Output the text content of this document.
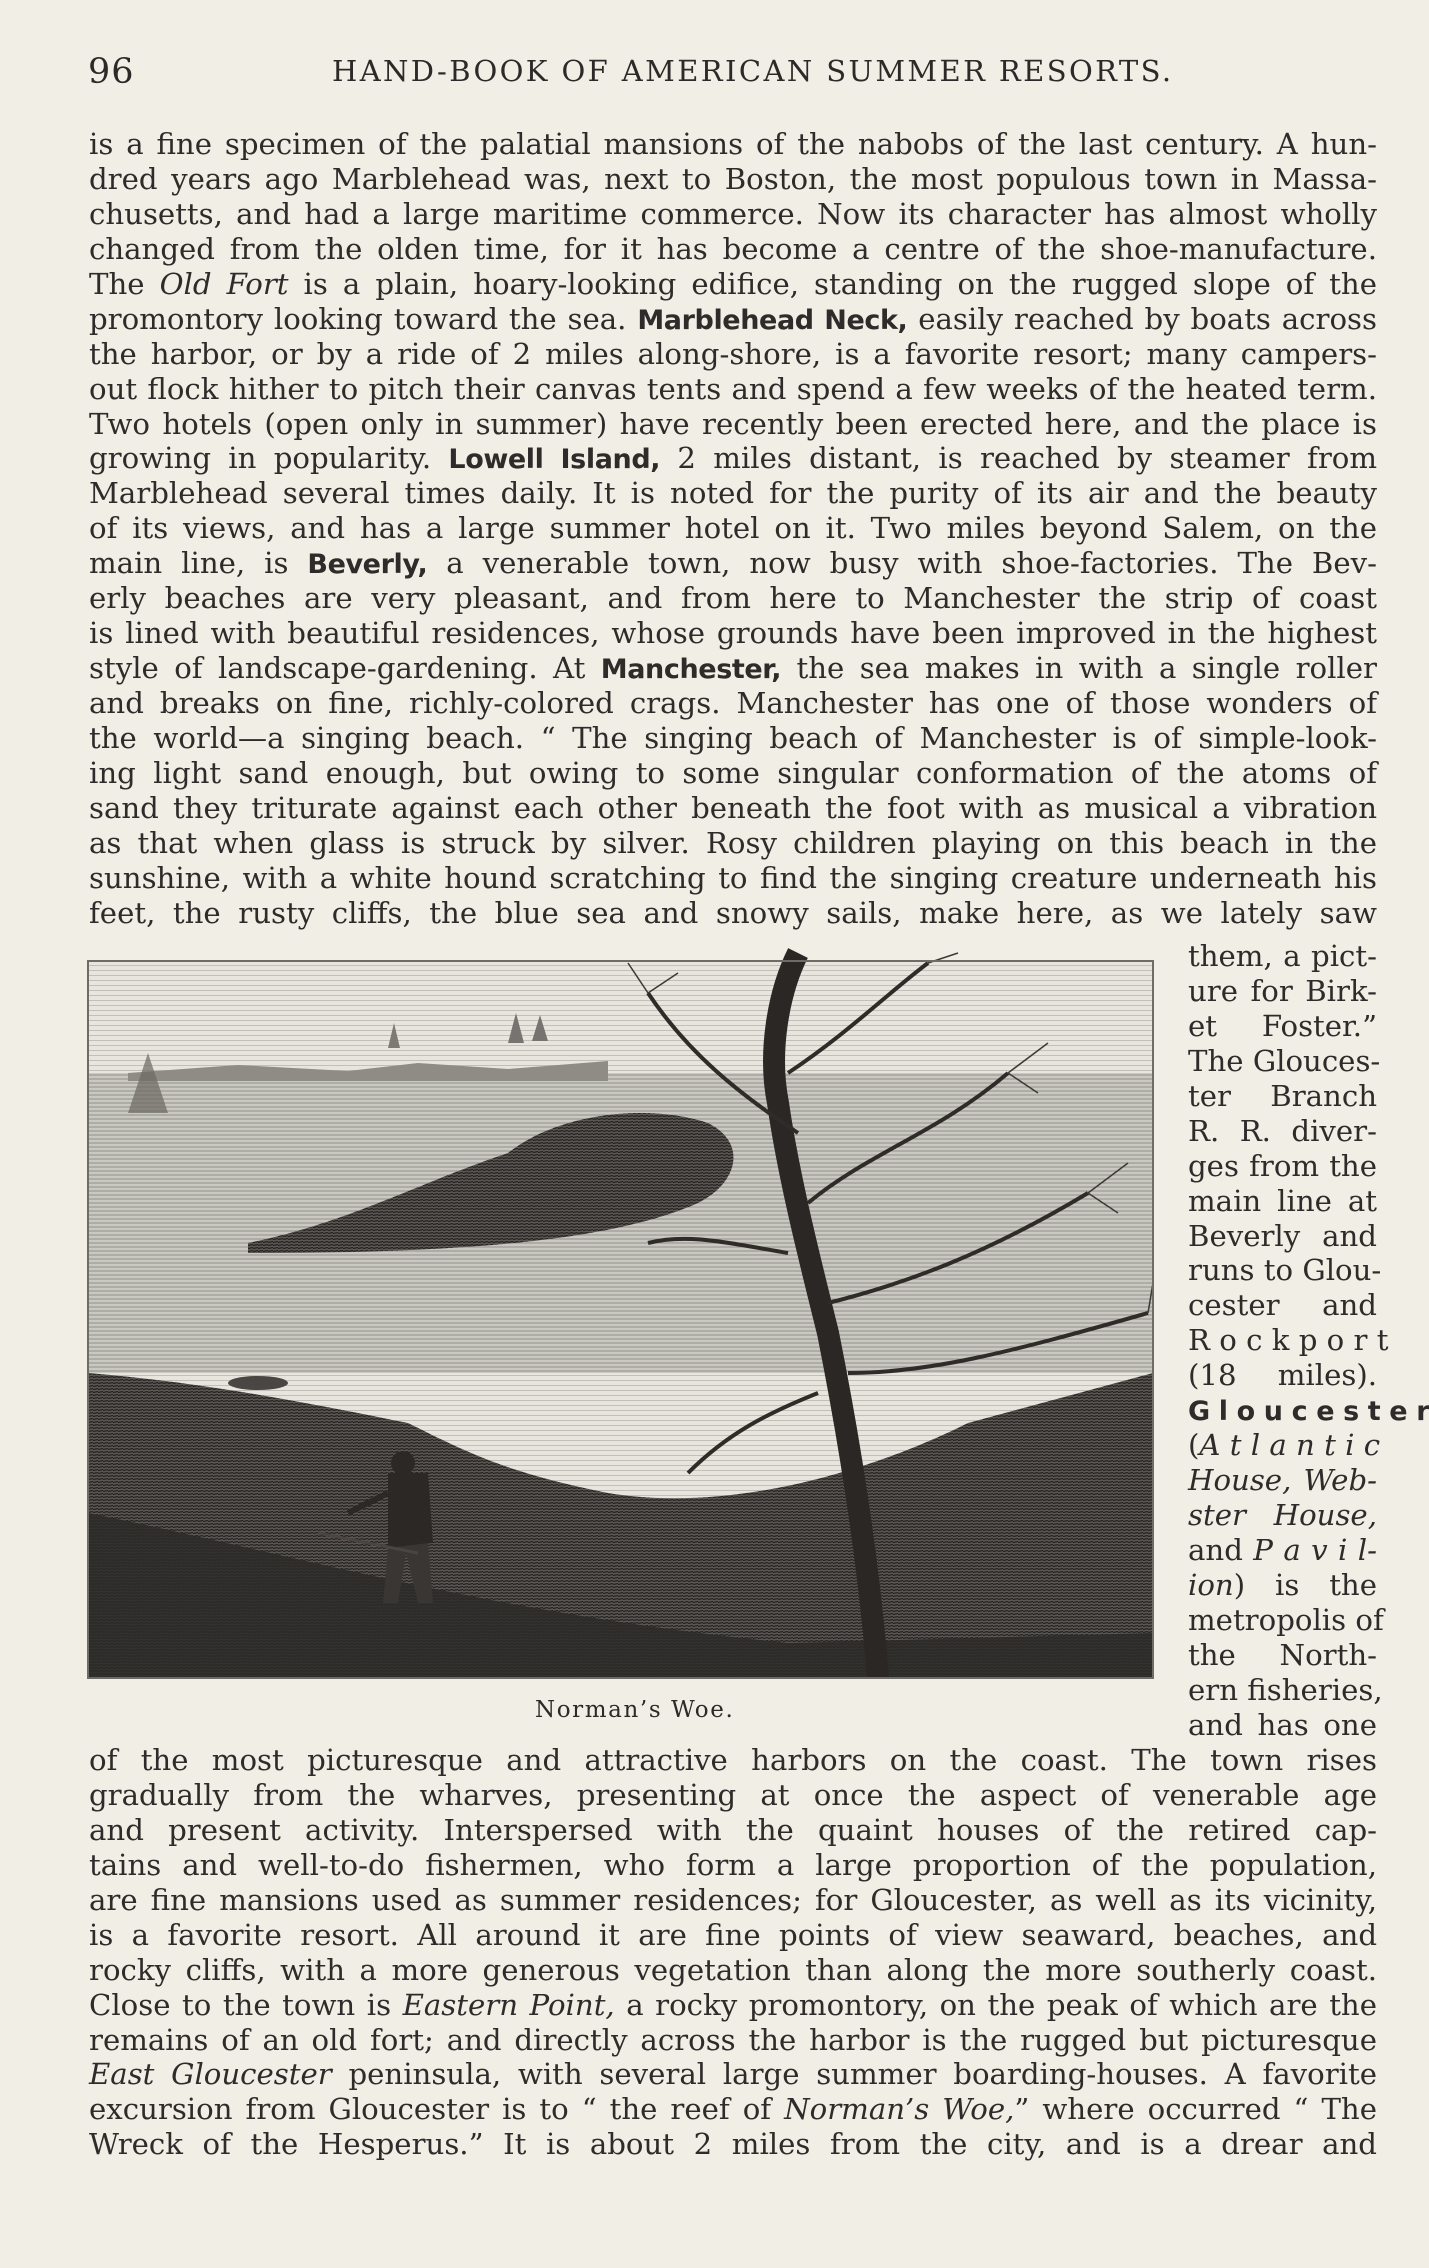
96	HAND-BOOK OF AMERICAN SUMMER RESORTS.
is a fine specimen of the palatial mansions of the nabobs of the last century. A hun-
dred years ago Marblehead was, next to Boston, the most populous town in Massa-
chusetts, and had a large maritime commerce. Now its character has almost wholly
changed from the olden time, for it has become a centre of the shoe-manufacture.
The Old Fort is a plain, hoary-looking edifice, standing on the rugged slope of the
promontory looking toward the sea. Marblehead Neck, easily reached by boats across
the harbor, or by a ride of 2 miles along-shore, is a favorite resort; many campers-
out flock hither to pitch their canvas tents and spend a few weeks of the heated term.
Two hotels (open only in summer) have recently been erected here, and the place is
growing in popularity. Lowell Island, 2 miles distant, is reached by steamer from
Marblehead several times daily. It is noted for the purity of its air and the beauty
of its views, and has a large summer hotel on it. Two miles beyond Salem, on the
main line, is Beverly, a venerable town, now busy with shoe-factories. The Bev-
erly beaches are very pleasant, and from here to Manchester the strip of coast
is lined with beautiful residences, whose grounds have been improved in the highest
style of landscape-gardening. At Manchester, the sea makes in with a single roller
and breaks on fine, richly-colored crags. Manchester has one of those wonders of
the world—a singing beach. “ The singing beach of Manchester is of simple-look-
ing light sand enough, but owing to some singular conformation of the atoms of
sand they triturate against each other beneath the foot with as musical a vibration
as that when glass is struck by silver. Rosy children playing on this beach in the
sunshine, with a white hound scratching to find the singing creature underneath his
feet, the rusty cliffs, the blue sea and snowy sails, make here, as we lately saw
Norman’s Woe.
them, a pict-
ure for Birk-
et Foster.”
The Glouces-
ter Branch
R. R. diver-
ges from the
main line at
Beverly and
runs to Glou-
cester and
R o c k p o r t
(18 miles).
G l o u c e s t e r
(A t l a n t i c
House, Web-
ster House,
and P a v i l-
ion) is the
metropolis of
the North-
ern fisheries,
and has one
of the most picturesque and attractive harbors on the coast. The town rises
gradually from the wharves, presenting at once the aspect of venerable age
and present activity. Interspersed with the quaint houses of the retired cap-
tains and well-to-do fishermen, who form a large proportion of the population,
are fine mansions used as summer residences; for Gloucester, as well as its vicinity,
is a favorite resort. All around it are fine points of view seaward, beaches, and
rocky cliffs, with a more generous vegetation than along the more southerly coast.
Close to the town is Eastern Point, a rocky promontory, on the peak of which are the
remains of an old fort; and directly across the harbor is the rugged but picturesque
East Gloucester peninsula, with several large summer boarding-houses. A favorite
excursion from Gloucester is to “ the reef of Norman’s Woe,” where occurred “ The
Wreck of the Hesperus.” It is about 2 miles from the city, and is a drear and
